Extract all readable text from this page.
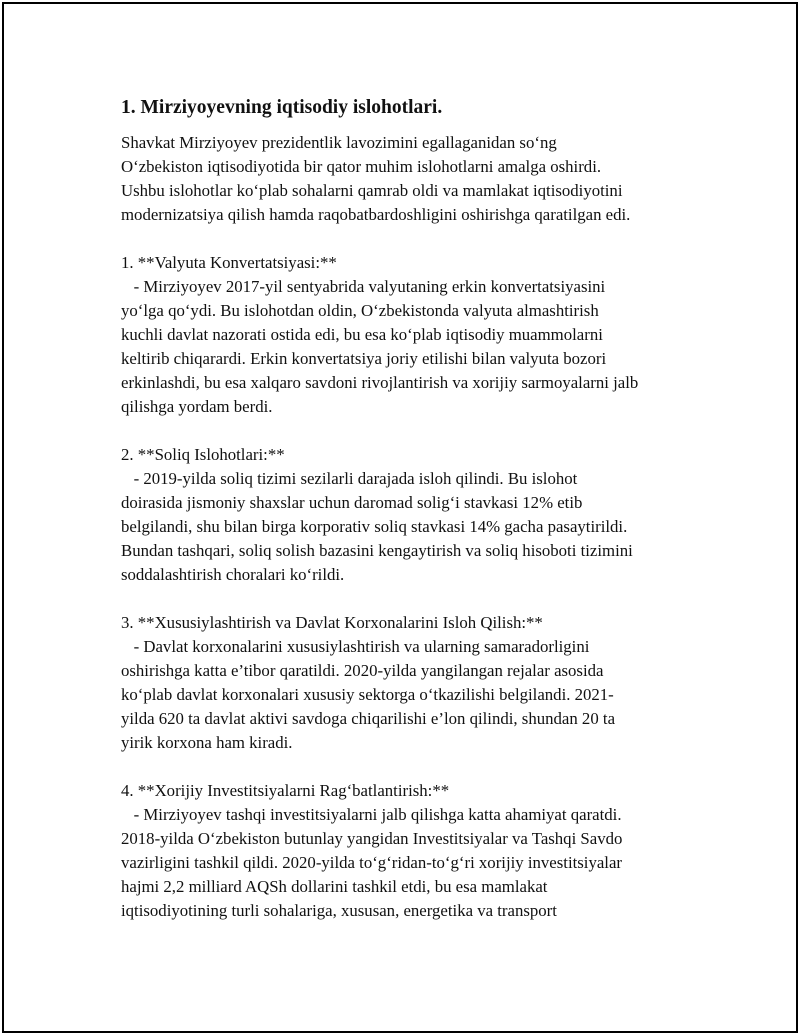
1. Mirziyoyevning iqtisodiy islohotlari.

Shavkat Mirziyoyev prezidentlik lavozimini egallaganidan so‘ng
O‘zbekiston iqtisodiyotida bir qator muhim islohotlarni amalga oshirdi.
Ushbu islohotlar ko‘plab sohalarni qamrab oldi va mamlakat iqtisodiyotini
modernizatsiya qilish hamda raqobatbardoshligini oshirishga qaratilgan edi.

1. **Valyuta Konvertatsiyasi:**

- Mirziyoyev 2017-yil sentyabrida valyutaning erkin konvertatsiyasini
yo‘lga qo‘ydi. Bu islohotdan oldin, O‘zbekistonda valyuta almashtirish
kuchli davlat nazorati ostida edi, bu esa ko‘plab iqtisodiy muammolarni
keltirib chiqarardi. Erkin konvertatsiya joriy etilishi bilan valyuta bozori
erkinlashdi, bu esa xalqaro savdoni rivojlantirish va xorijiy sarmoyalarni jalb
qilishga yordam berdi.

2. **Soliq Islohotlari:**

- 2019-yilda soliq tizimi sezilarli darajada isloh qilindi. Bu islohot
doirasida jismoniy shaxslar uchun daromad solig‘i stavkasi 12% etib
belgilandi, shu bilan birga korporativ soliq stavkasi 14% gacha pasaytirildi.
Bundan tashqari, soliq solish bazasini kengaytirish va soliq hisoboti tizimini
soddalashtirish choralari ko‘rildi.

3. **Xususiylashtirish va Davlat Korxonalarini Isloh Qilish:**

- Davlat korxonalarini xususiylashtirish va ularning samaradorligini
oshirishga katta e’tibor qaratildi. 2020-yilda yangilangan rejalar asosida
ko‘plab davlat korxonalari xususiy sektorga o‘tkazilishi belgilandi. 2021-
yilda 620 ta davlat aktivi savdoga chiqarilishi e’lon qilindi, shundan 20 ta
yirik korxona ham kiradi.

4. **Xorijiy Investitsiyalarni Rag‘batlantirish:**

- Mirziyoyev tashqi investitsiyalarni jalb qilishga katta ahamiyat qaratdi.
2018-yilda O‘zbekiston butunlay yangidan Investitsiyalar va Tashqi Savdo
vazirligini tashkil qildi. 2020-yilda to‘g‘ridan-to‘g‘ri xorijiy investitsiyalar
hajmi 2,2 milliard AQSh dollarini tashkil etdi, bu esa mamlakat
iqtisodiyotining turli sohalariga, xususan, energetika va transport
